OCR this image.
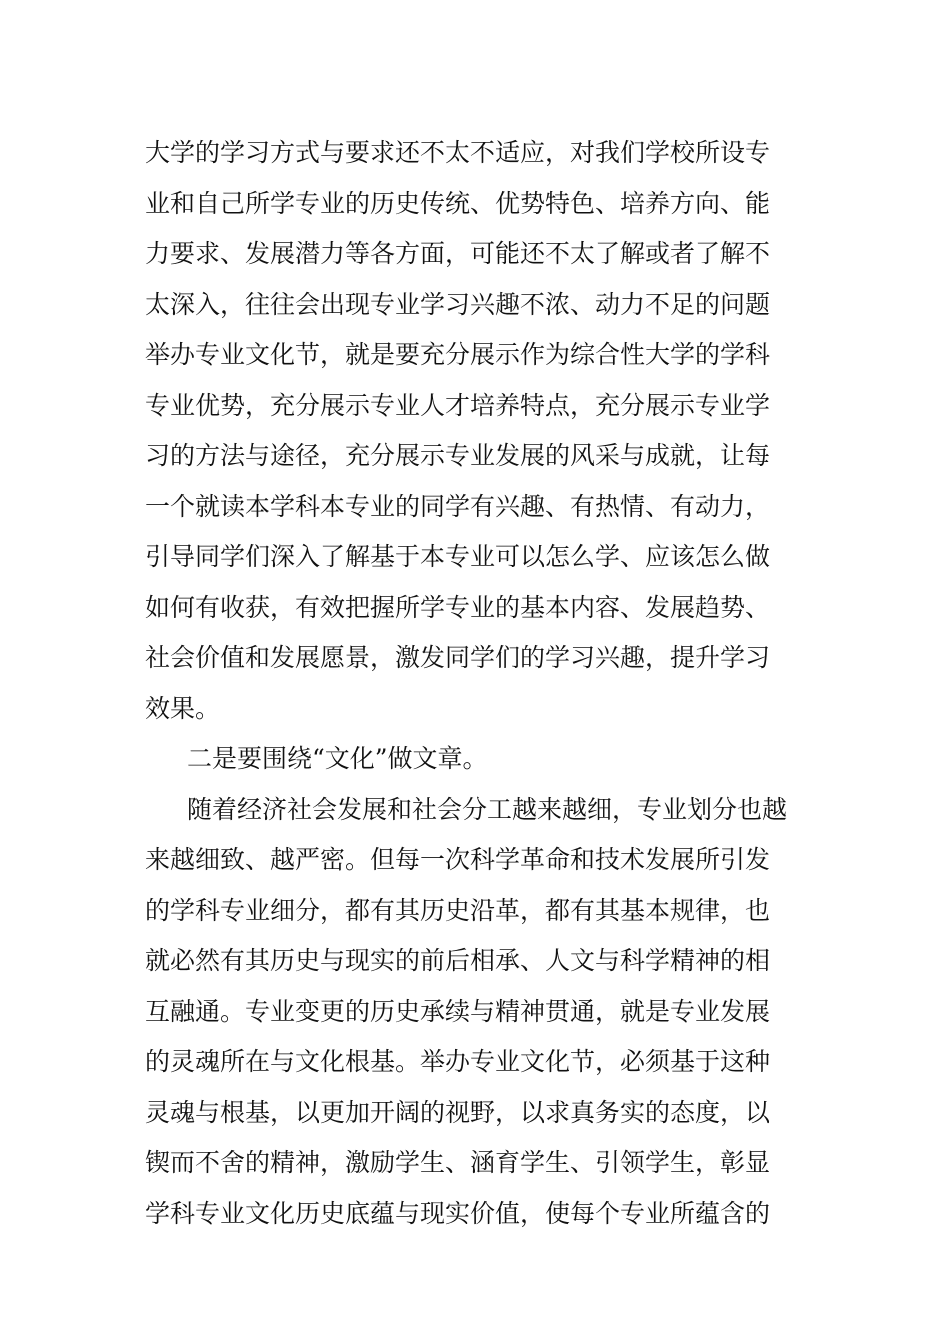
大学的学习方式与要求还不太不适应，对我们学校所设专
业和自己所学专业的历史传统、优势特色、培养方向、能
力要求、发展潜力等各方面，可能还不太了解或者了解不
太深入，往往会出现专业学习兴趣不浓、动力不足的问题
举办专业文化节，就是要充分展示作为综合性大学的学科
专业优势，充分展示专业人才培养特点，充分展示专业学
习的方法与途径，充分展示专业发展的风采与成就，让每
一个就读本学科本专业的同学有兴趣、有热情、有动力，
引导同学们深入了解基于本专业可以怎么学、应该怎么做
如何有收获，有效把握所学专业的基本内容、发展趋势、
社会价值和发展愿景，激发同学们的学习兴趣，提升学习
效果。
二是要围绕“文化”做文章。
随着经济社会发展和社会分工越来越细，专业划分也越
来越细致、越严密。但每一次科学革命和技术发展所引发
的学科专业细分，都有其历史沿革，都有其基本规律，也
就必然有其历史与现实的前后相承、人文与科学精神的相
互融通。专业变更的历史承续与精神贯通，就是专业发展
的灵魂所在与文化根基。举办专业文化节，必须基于这种
灵魂与根基，以更加开阔的视野，以求真务实的态度，以
锲而不舍的精神，激励学生、涵育学生、引领学生，彰显
学科专业文化历史底蕴与现实价值，使每个专业所蕴含的
